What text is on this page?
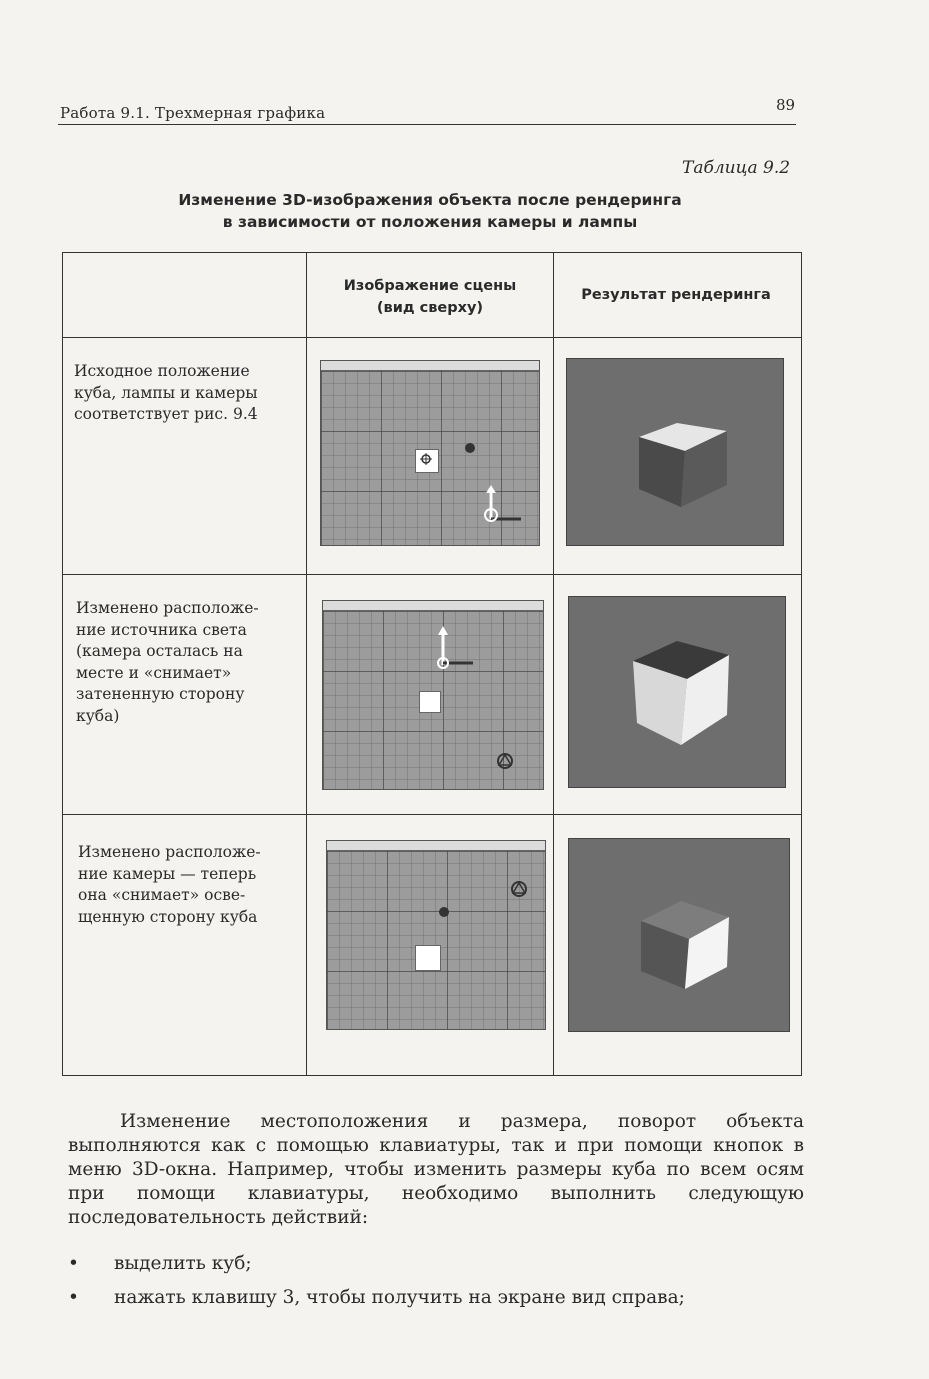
Работа 9.1. Трехмерная графика	89
Таблица 9.2
Изменение 3D-изображения объекта после рендеринга
в зависимости от положения камеры и лампы
Изображение сцены
(вид сверху)
Результат рендеринга
Исходное положение
куба, лампы и камеры
соответствует рис. 9.4
Изменено расположе-
ние источника света
(камера осталась на
месте и «снимает»
затененную сторону
куба)
Изменено расположе-
ние камеры — теперь
она «снимает» осве-
щенную сторону куба
Изменение местоположения и размера, поворот объекта выполняются как с помощью клавиатуры, так и при помощи кнопок в меню 3D-окна. Например, чтобы изменить размеры куба по всем осям при помощи клавиатуры, необходимо выполнить следующую последовательность действий:
• выделить куб;
• нажать клавишу 3, чтобы получить на экране вид справа;
